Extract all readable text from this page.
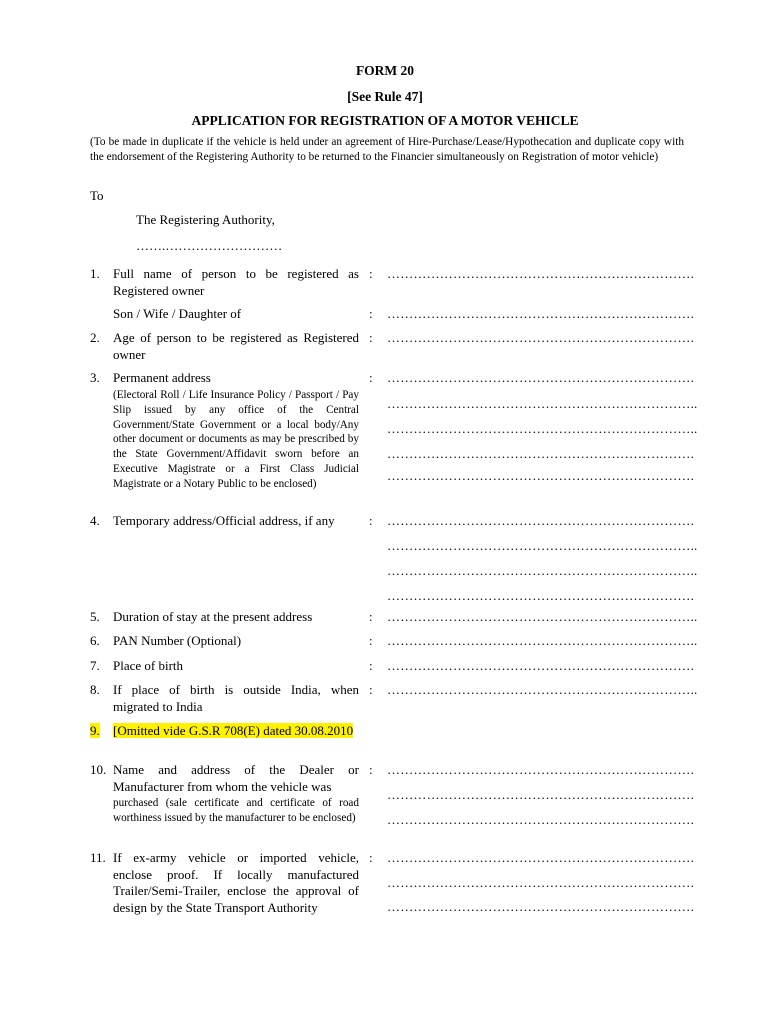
FORM 20
[See Rule 47]
APPLICATION FOR REGISTRATION OF A MOTOR VEHICLE
(To be made in duplicate if the vehicle is held under an agreement of Hire-Purchase/Lease/Hypothecation and duplicate copy with the endorsement of the Registering Authority to be returned to the Financier simultaneously on Registration of motor vehicle)
To
The Registering Authority,
…….………………………
1. Full name of person to be registered as Registered owner
: …………………………………………………………….
Son / Wife / Daughter of	: …………………………………………………………….
2. Age of person to be registered as Registered owner
: …………………………………………………………….
3. Permanent address
(Electoral Roll / Life Insurance Policy / Passport / Pay Slip issued by any office of the Central Government/State Government or a local body/Any other document or documents as may be prescribed by the State Government/Affidavit sworn before an Executive Magistrate or a First Class Judicial Magistrate or a Notary Public to be enclosed)
: …………………………………………………………….
……………………………………………………………..
……………………………………………………………..
…………………………………………………………….
…………………………………………………………….
4. Temporary address/Official address, if any	: …………………………………………………………….
……………………………………………………………..
……………………………………………………………..
…………………………………………………………….
5. Duration of stay at the present address	: ……………………………………………………………..
6. PAN Number (Optional)	: ……………………………………………………………..
7. Place of birth	: …………………………………………………………….
8. If place of birth is outside India, when migrated to India
: ……………………………………………………………..
9. [Omitted vide G.S.R 708(E) dated 30.08.2010
10. Name and address of the Dealer or Manufacturer from whom the vehicle was
purchased (sale certificate and certificate of road worthiness issued by the manufacturer to be enclosed)
: …………………………………………………………….
…………………………………………………………….
…………………………………………………………….
11. If ex-army vehicle or imported vehicle, enclose proof. If locally manufactured Trailer/Semi-Trailer, enclose the approval of design by the State Transport Authority
: …………………………………………………………….
…………………………………………………………….
…………………………………………………………….
